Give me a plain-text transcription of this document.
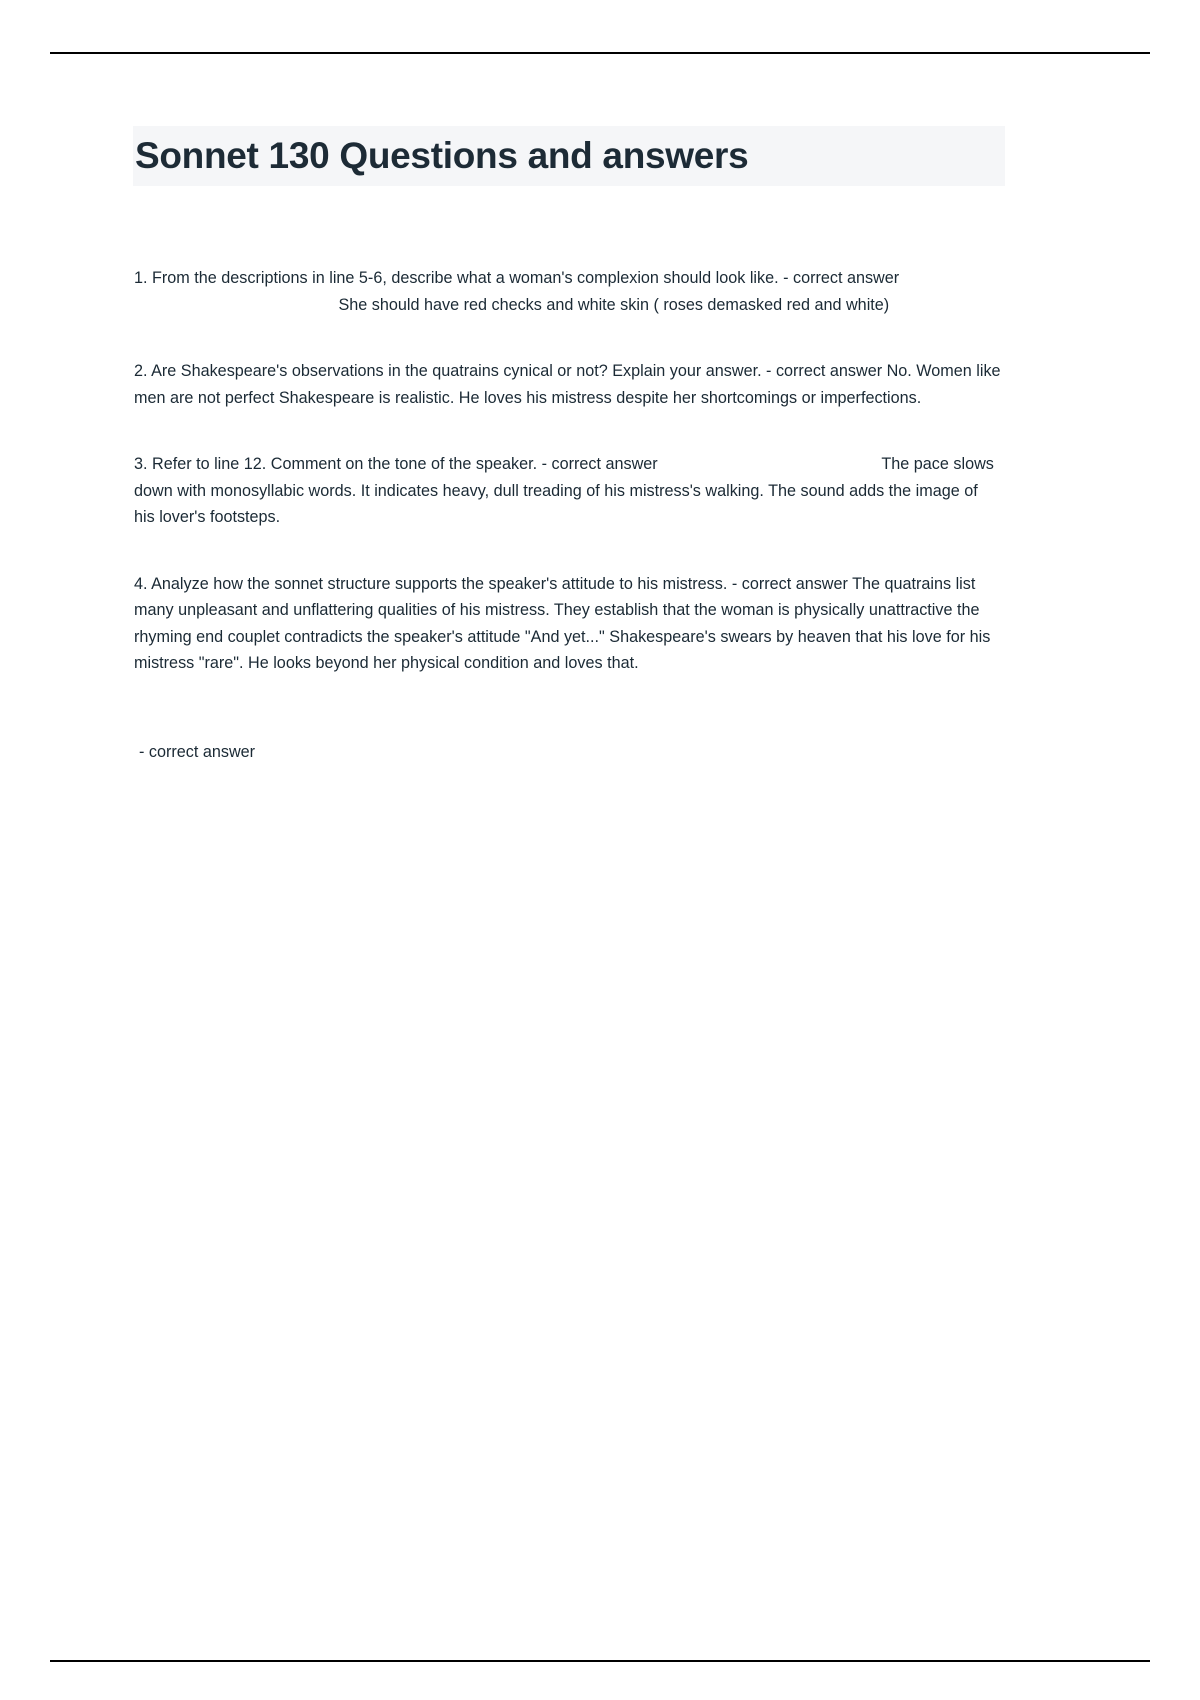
Sonnet 130 Questions and answers
1. From the descriptions in line 5-6, describe what a woman's complexion should look like. - correct answer  She should have red checks and white skin ( roses demasked red and white)
2. Are Shakespeare's observations in the quatrains cynical or not? Explain your answer. - correct answer No. Women like men are not perfect Shakespeare is realistic. He loves his mistress despite her shortcomings or imperfections.
3. Refer to line 12. Comment on the tone of the speaker. - correct answer	The pace slows down with monosyllabic words. It indicates heavy, dull treading of his mistress's walking. The sound adds the image of his lover's footsteps.
4. Analyze how the sonnet structure supports the speaker's attitude to his mistress. - correct answer The quatrains list many unpleasant and unflattering qualities of his mistress. They establish that the woman is physically unattractive the rhyming end couplet contradicts the speaker's attitude "And yet..." Shakespeare's swears by heaven that his love for his mistress "rare". He looks beyond her physical condition and loves that.
- correct answer
